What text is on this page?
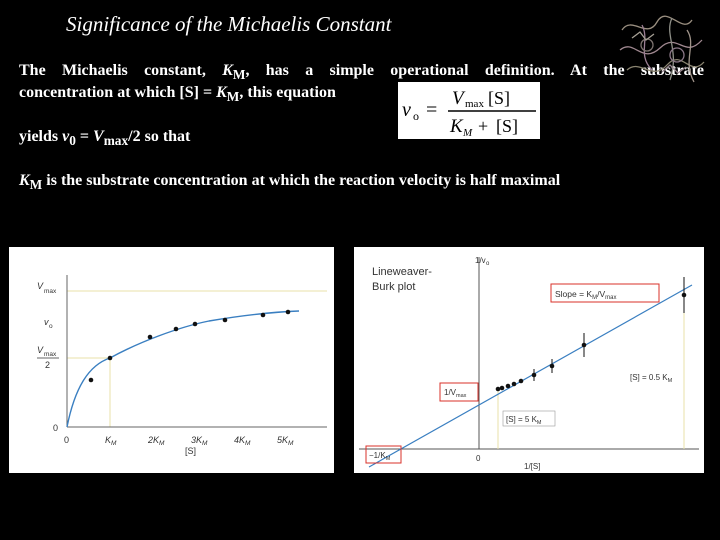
Significance of the Michaelis Constant
The Michaelis constant, $K_M$, has a simple operational definition. At the substrate
concentration at which $[S] = K_M$, this equation
yields $v_0 = V_{max}/2$ so that
$K_M$ is the substrate concentration at which the reaction velocity is half maximal
v o =
V max [S]
K M + [S]
V
max
v o
V max
2
0
0	$K_M$	$2K_M$	$3K_M$	$4K_M$	$5K_M$
[S]
Lineweaver-
Burk plot
1/v o
Slope = $K_M/V_{max}$
$1/V_{max}$
$-1/K_M$
[S] = 0.5 $K_M$
[S] = 5 $K_M$
0
1/[S]
